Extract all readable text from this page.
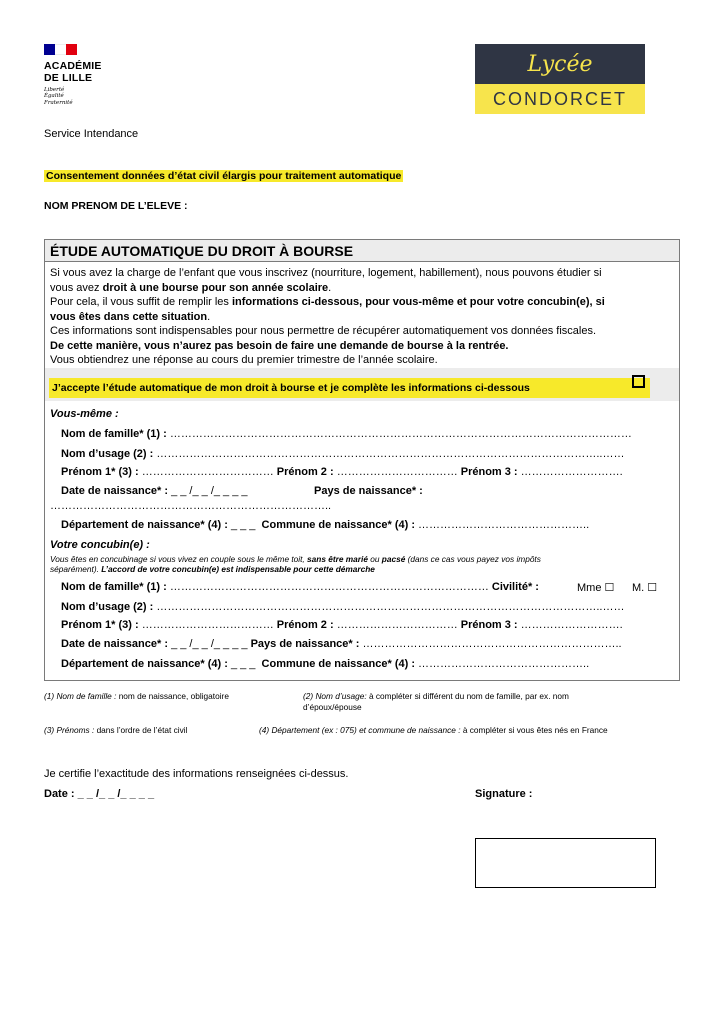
ACADÉMIE
DE LILLE
Liberté
Égalité
Fraternité
Lycée
CONDORCET
Service Intendance
Consentement données d’état civil élargis pour traitement automatique
NOM PRENOM DE L’ELEVE :
ÉTUDE AUTOMATIQUE DU DROIT À BOURSE
Si vous avez la charge de l’enfant que vous inscrivez (nourriture, logement, habillement), nous pouvons étudier si
vous avez droit à une bourse pour son année scolaire.
Pour cela, il vous suffit de remplir les informations ci-dessous, pour vous-même et pour votre concubin(e), si
vous êtes dans cette situation.
Ces informations sont indispensables pour nous permettre de récupérer automatiquement vos données fiscales.
De cette manière, vous n’aurez pas besoin de faire une demande de bourse à la rentrée.
Vous obtiendrez une réponse au cours du premier trimestre de l’année scolaire.
J’accepte l’étude automatique de mon droit à bourse et je complète les informations ci-dessous
Vous-même :
Nom de famille* (1) : ………………………………………………………………………………………………………………
Nom d’usage (2) : …………………………………………………………………………………………………………..……
Prénom 1* (3) : ……………………………… Prénom 2 : …………………………… Prénom 3 : ……………………….
Date de naissance* : _ _ /_ _ /_ _ _ _	Pays de naissance* :
…………………………………………………………………..
Département de naissance* (4) : _ _ _ Commune de naissance* (4) : ………………………………………..
Votre concubin(e) :
Vous êtes en concubinage si vous vivez en couple sous le même toit, sans être marié ou pacsé (dans ce cas vous payez vos impôts
séparément). L’accord de votre concubin(e) est indispensable pour cette démarche
Nom de famille* (1) : …………………………………………………………………………… Civilité* :	Mme ☐ M. ☐
Nom d’usage (2) : …………………………………………………………………………………………………………..……
Prénom 1* (3) : ……………………………… Prénom 2 : …………………………… Prénom 3 : ……………………….
Date de naissance* : _ _ /_ _ /_ _ _ _ Pays de naissance* : ……………………………………………………………..
Département de naissance* (4) : _ _ _ Commune de naissance* (4) : ………………………………………..
(1) Nom de famille : nom de naissance, obligatoire	(2) Nom d’usage: à compléter si différent du nom de famille, par ex. nom
d’époux/épouse
(3) Prénoms : dans l’ordre de l’état civil	(4) Département (ex : 075) et commune de naissance : à compléter si vous êtes nés en France
Je certifie l’exactitude des informations renseignées ci-dessus.
Date : _ _ /_ _ /_ _ _ _	Signature :
